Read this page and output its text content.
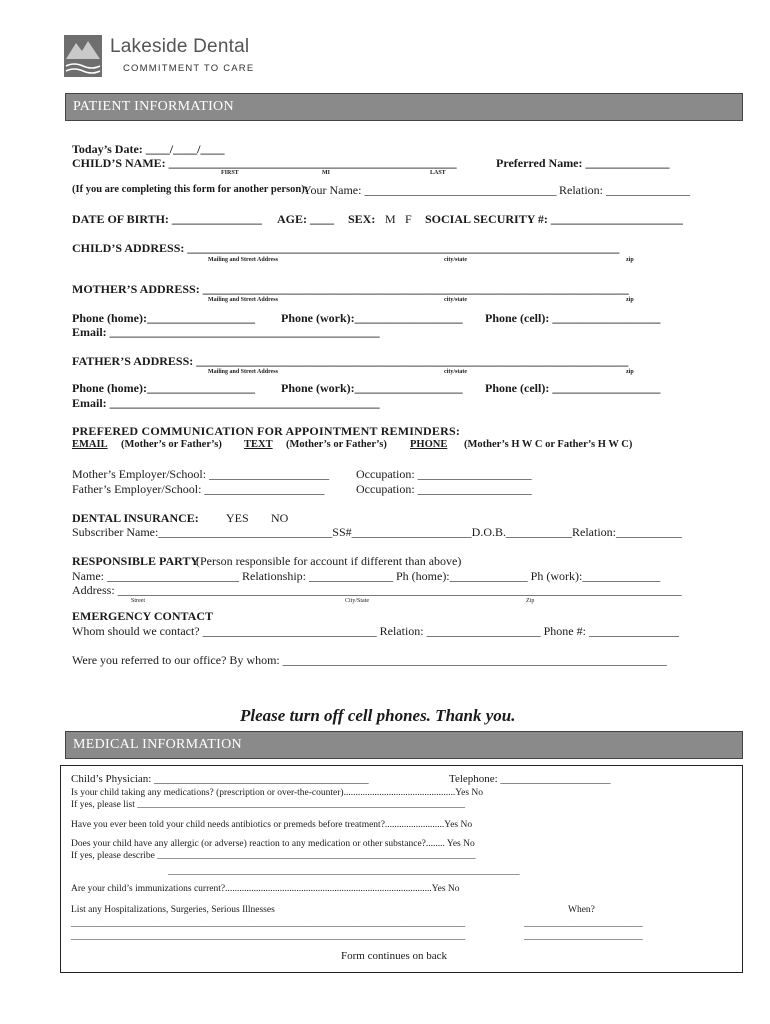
Lakeside Dental
COMMITMENT TO CARE
PATIENT INFORMATION
Today’s Date: ____/____/____
CHILD’S NAME: ________________________________________________	Preferred Name: ______________
FIRST	MI	LAST
(If you are completing this form for another person):
Your Name: ________________________________ Relation: ______________
DATE OF BIRTH: _______________ AGE: ____ SEX: M F SOCIAL SECURITY #: ______________________
CHILD’S ADDRESS: ________________________________________________________________________
Mailing and Street Address	city/state	zip
MOTHER’S ADDRESS: _______________________________________________________________________
Mailing and Street Address	city/state	zip
Phone (home):__________________ Phone (work):__________________ Phone (cell): __________________
Email: _____________________________________________
FATHER’S ADDRESS: ________________________________________________________________________
Mailing and Street Address	city/state	zip
Phone (home):__________________ Phone (work):__________________ Phone (cell): __________________
Email: _____________________________________________
PREFERED COMMUNICATION FOR APPOINTMENT REMINDERS:
EMAIL (Mother’s or Father’s) TEXT (Mother’s or Father’s) PHONE (Mother’s H W C or Father’s H W C)
Mother’s Employer/School: ____________________ Occupation: ___________________
Father’s Employer/School: ____________________	Occupation: ___________________
DENTAL INSURANCE: YES NO
Subscriber Name:_____________________________SS#____________________D.O.B.___________Relation:___________
RESPONSIBLE PARTY
(Person responsible for account if different than above)
Name: ______________________ Relationship: ______________ Ph (home):_____________ Ph (work):_____________
Address: ______________________________________________________________________________________________
Street	City/State	Zip
EMERGENCY CONTACT
Whom should we contact? _____________________________ Relation: ___________________ Phone #: _______________
Were you referred to our office? By whom: ________________________________________________________________
Please turn off cell phones. Thank you.
MEDICAL INFORMATION
Child’s Physician: _______________________________________	Telephone: ____________________
Is your child taking any medications? (prescription or over-the-counter)...............................................Yes No
If yes, please list _____________________________________________________________________
Have you ever been told your child needs antibiotics or premeds before treatment?.........................Yes No
Does your child have any allergic (or adverse) reaction to any medication or other substance?........ Yes No
If yes, please describe ___________________________________________________________________
__________________________________________________________________________
Are your child’s immunizations current?.......................................................................................Yes No
List any Hospitalizations, Surgeries, Serious Illnesses	When?
___________________________________________________________________________________	_________________________
___________________________________________________________________________________	_________________________
Form continues on back
